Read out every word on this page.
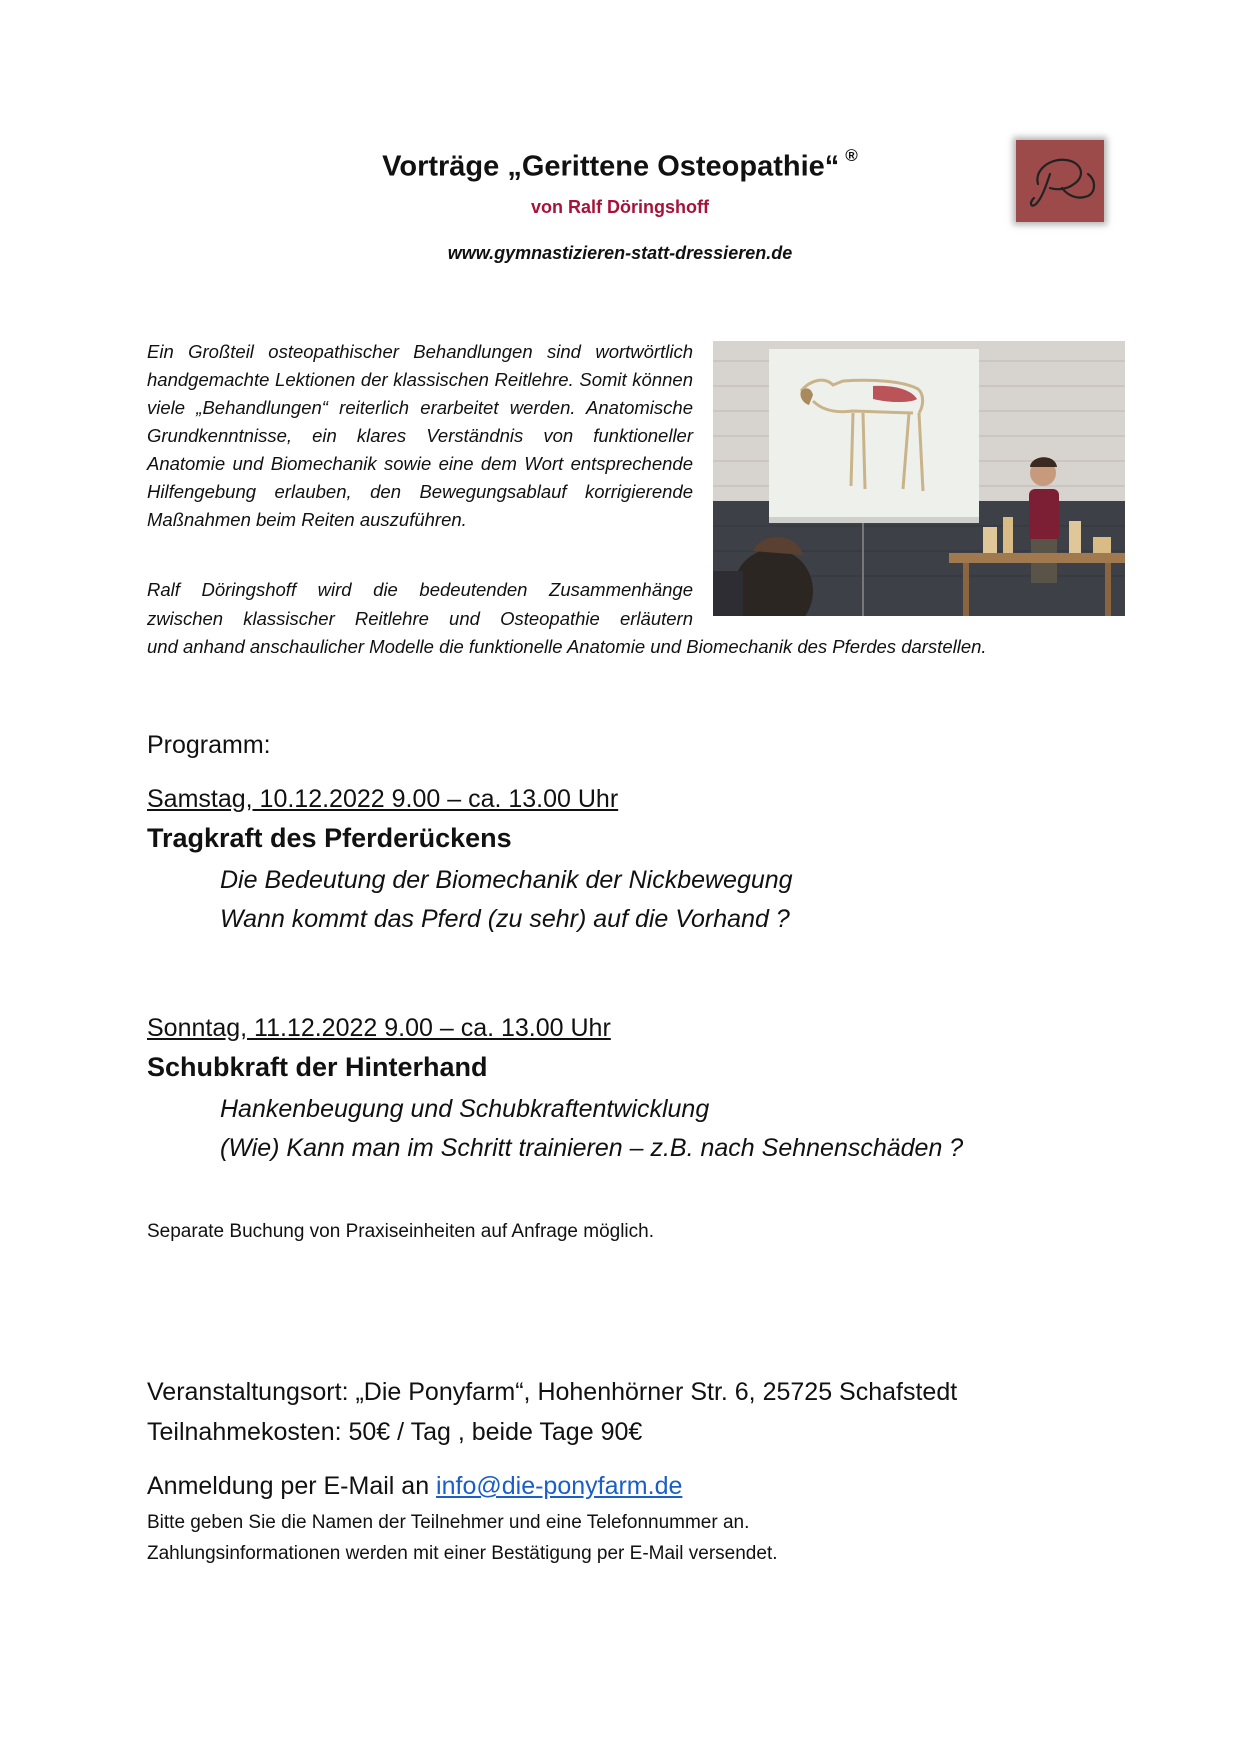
Vorträge „Gerittene Osteopathie“ ®
von Ralf Döringshoff
www.gymnastizieren-statt-dressieren.de
Ein Großteil osteopathischer Behandlungen sind wortwörtlich handgemachte Lektionen der klassischen Reitlehre. Somit können viele „Behandlungen“ reiterlich erarbeitet werden. Anatomische Grundkenntnisse, ein klares Verständnis von funktioneller Anatomie und Biomechanik sowie eine dem Wort entsprechende Hilfengebung erlauben, den Bewegungsablauf korrigierende Maßnahmen beim Reiten auszuführen.
Ralf Döringshoff wird die bedeutenden Zusammenhänge
zwischen klassischer Reitlehre und Osteopathie erläutern
und anhand anschaulicher Modelle die funktionelle Anatomie und Biomechanik des Pferdes darstellen.
Programm:
Samstag, 10.12.2022 9.00 – ca. 13.00 Uhr
Tragkraft des Pferderückens
Die Bedeutung der Biomechanik der Nickbewegung
Wann kommt das Pferd (zu sehr) auf die Vorhand ?
Sonntag, 11.12.2022 9.00 – ca. 13.00 Uhr
Schubkraft der Hinterhand
Hankenbeugung und Schubkraftentwicklung
(Wie) Kann man im Schritt trainieren – z.B. nach Sehnenschäden ?
Separate Buchung von Praxiseinheiten auf Anfrage möglich.
Veranstaltungsort: „Die Ponyfarm“, Hohenhörner Str. 6, 25725 Schafstedt
Teilnahmekosten: 50€ / Tag , beide Tage 90€
Anmeldung per E-Mail an info@die-ponyfarm.de
Bitte geben Sie die Namen der Teilnehmer und eine Telefonnummer an.
Zahlungsinformationen werden mit einer Bestätigung per E-Mail versendet.
